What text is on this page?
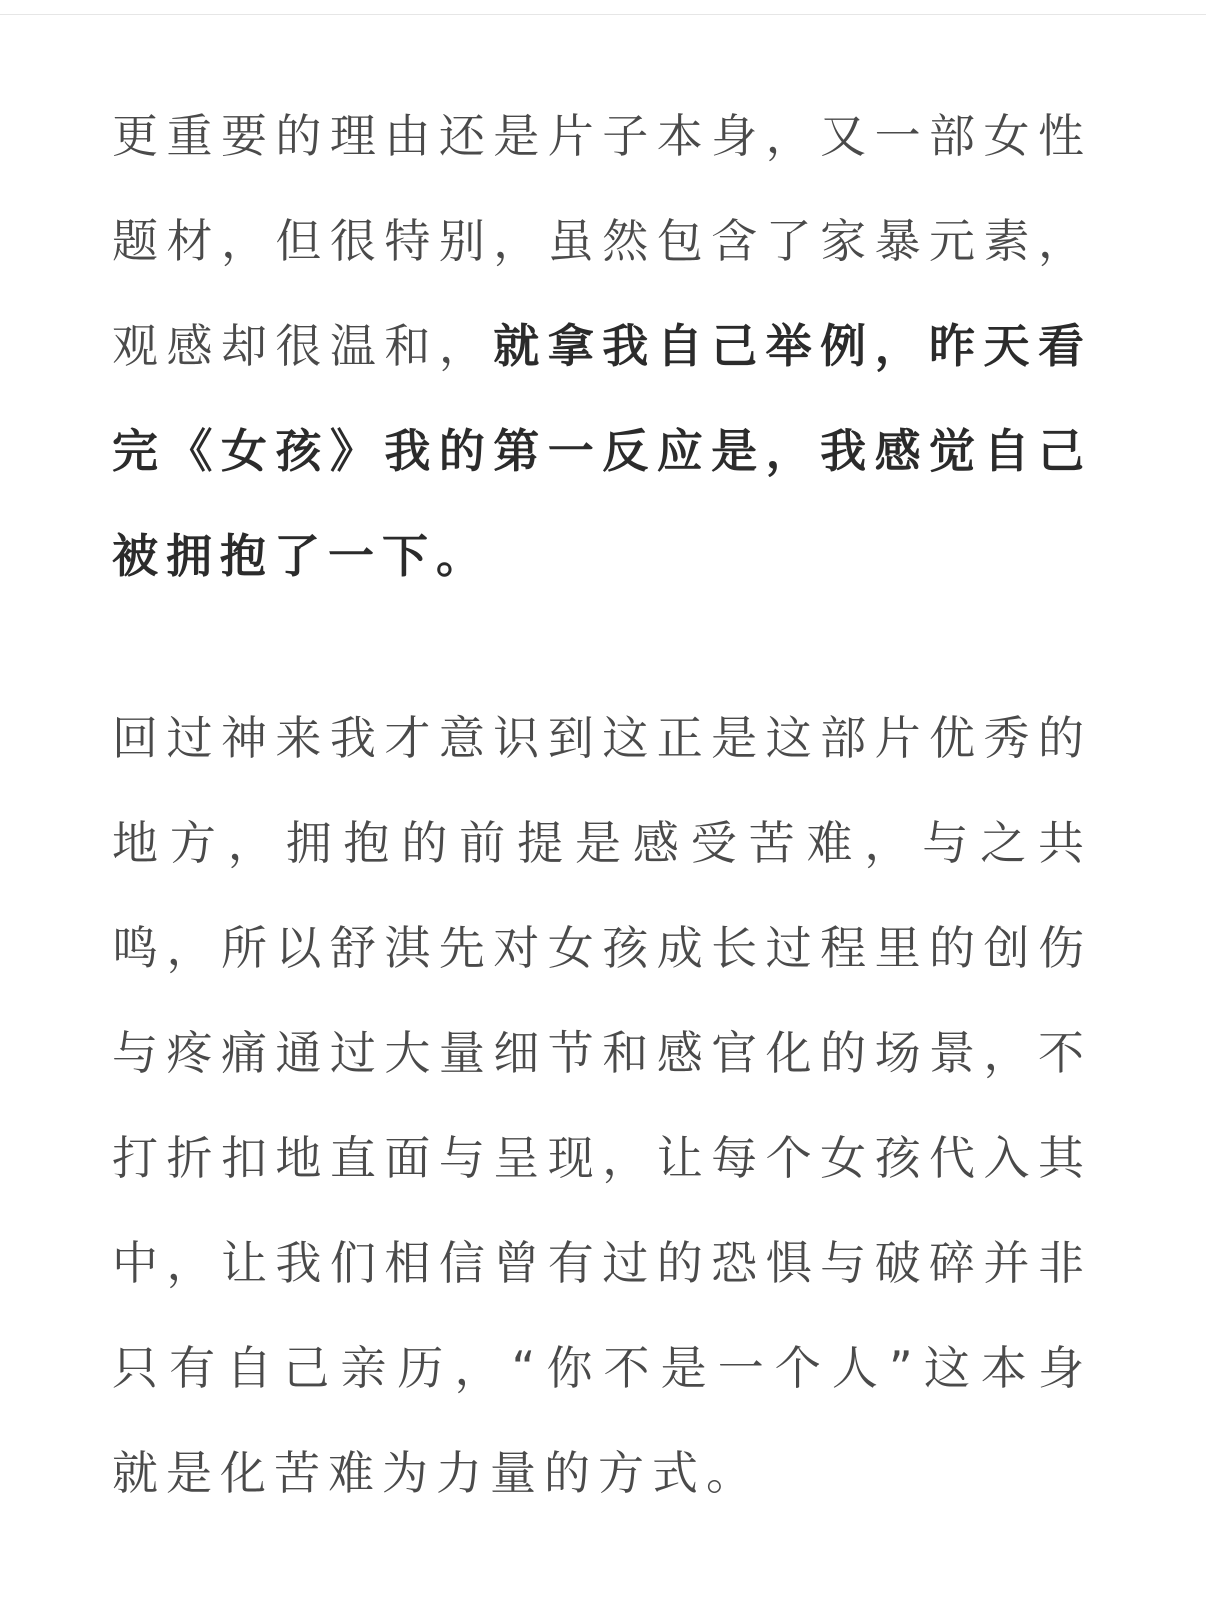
更重要的理由还是片子本身，又一部女性题材，但很特别，虽然包含了家暴元素，观感却很温和，就拿我自己举例，昨天看完《女孩》我的第一反应是，我感觉自己被拥抱了一下。

回过神来我才意识到这正是这部片优秀的地方，拥抱的前提是感受苦难，与之共鸣，所以舒淇先对女孩成长过程里的创伤与疼痛通过大量细节和感官化的场景，不打折扣地直面与呈现，让每个女孩代入其中，让我们相信曾有过的恐惧与破碎并非只有自己亲历，“你不是一个人”这本身就是化苦难为力量的方式。
